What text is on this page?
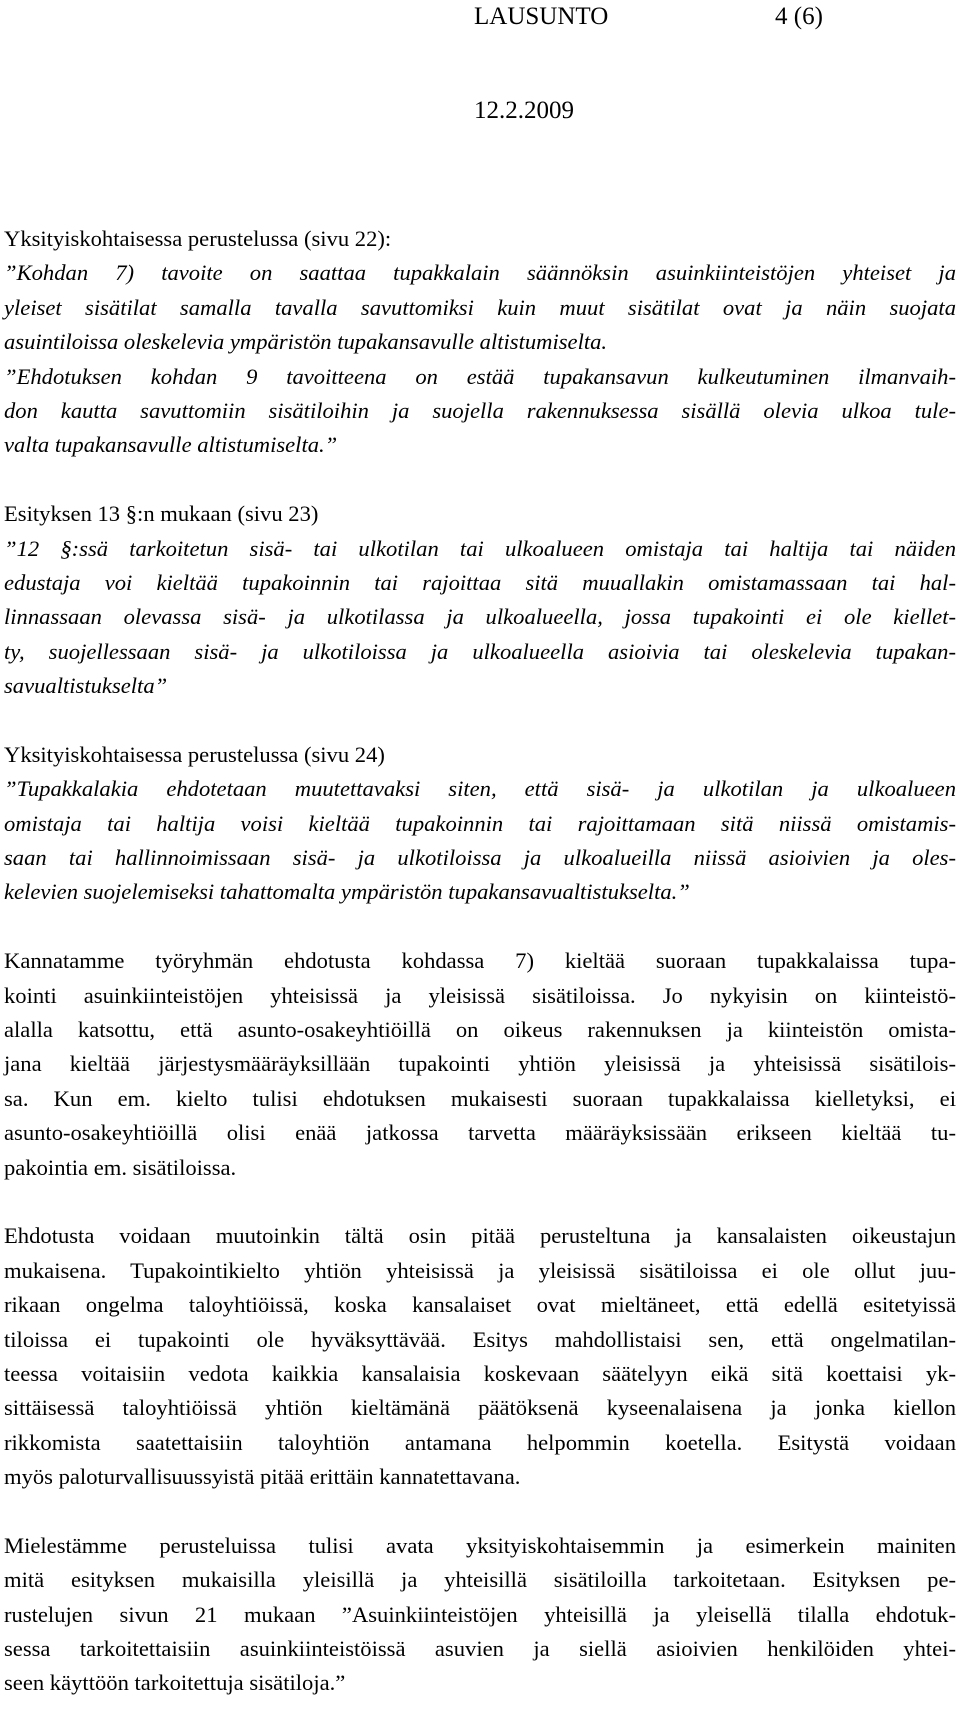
LAUSUNTO	4 (6)
12.2.2009
Yksityiskohtaisessa perustelussa (sivu 22):
”Kohdan 7) tavoite on saattaa tupakkalain säännöksin asuinkiinteistöjen yhteiset ja
yleiset sisätilat samalla tavalla savuttomiksi kuin muut sisätilat ovat ja näin suojata
asuintiloissa oleskelevia ympäristön tupakansavulle altistumiselta.
”Ehdotuksen kohdan 9 tavoitteena on estää tupakansavun kulkeutuminen ilmanvaih-
don kautta savuttomiin sisätiloihin ja suojella rakennuksessa sisällä olevia ulkoa tule-
valta tupakansavulle altistumiselta.”
Esityksen 13 §:n mukaan (sivu 23)
”12 §:ssä tarkoitetun sisä- tai ulkotilan tai ulkoalueen omistaja tai haltija tai näiden
edustaja voi kieltää tupakoinnin tai rajoittaa sitä muuallakin omistamassaan tai hal-
linnassaan olevassa sisä- ja ulkotilassa ja ulkoalueella, jossa tupakointi ei ole kiellet-
ty, suojellessaan sisä- ja ulkotiloissa ja ulkoalueella asioivia tai oleskelevia tupakan-
savualtistukselta”
Yksityiskohtaisessa perustelussa (sivu 24)
”Tupakkalakia ehdotetaan muutettavaksi siten, että sisä- ja ulkotilan ja ulkoalueen
omistaja tai haltija voisi kieltää tupakoinnin tai rajoittamaan sitä niissä omistamis-
saan tai hallinnoimissaan sisä- ja ulkotiloissa ja ulkoalueilla niissä asioivien ja oles-
kelevien suojelemiseksi tahattomalta ympäristön tupakansavualtistukselta.”
Kannatamme työryhmän ehdotusta kohdassa 7) kieltää suoraan tupakkalaissa tupa-
kointi asuinkiinteistöjen yhteisissä ja yleisissä sisätiloissa. Jo nykyisin on kiinteistö-
alalla katsottu, että asunto-osakeyhtiöillä on oikeus rakennuksen ja kiinteistön omista-
jana kieltää järjestysmääräyksillään tupakointi yhtiön yleisissä ja yhteisissä sisätilois-
sa. Kun em. kielto tulisi ehdotuksen mukaisesti suoraan tupakkalaissa kielletyksi, ei
asunto-osakeyhtiöillä olisi enää jatkossa tarvetta määräyksissään erikseen kieltää tu-
pakointia em. sisätiloissa.
Ehdotusta voidaan muutoinkin tältä osin pitää perusteltuna ja kansalaisten oikeustajun
mukaisena. Tupakointikielto yhtiön yhteisissä ja yleisissä sisätiloissa ei ole ollut juu-
rikaan ongelma taloyhtiöissä, koska kansalaiset ovat mieltäneet, että edellä esitetyissä
tiloissa ei tupakointi ole hyväksyttävää. Esitys mahdollistaisi sen, että ongelmatilan-
teessa voitaisiin vedota kaikkia kansalaisia koskevaan säätelyyn eikä sitä koettaisi yk-
sittäisessä taloyhtiöissä yhtiön kieltämänä päätöksenä kyseenalaisena ja jonka kiellon
rikkomista saatettaisiin taloyhtiön antamana helpommin koetella. Esitystä voidaan
myös paloturvallisuussyistä pitää erittäin kannatettavana.
Mielestämme perusteluissa tulisi avata yksityiskohtaisemmin ja esimerkein mainiten
mitä esityksen mukaisilla yleisillä ja yhteisillä sisätiloilla tarkoitetaan. Esityksen pe-
rustelujen sivun 21 mukaan ”Asuinkiinteistöjen yhteisillä ja yleisellä tilalla ehdotuk-
sessa tarkoitettaisiin asuinkiinteistöissä asuvien ja siellä asioivien henkilöiden yhtei-
seen käyttöön tarkoitettuja sisätiloja.”
